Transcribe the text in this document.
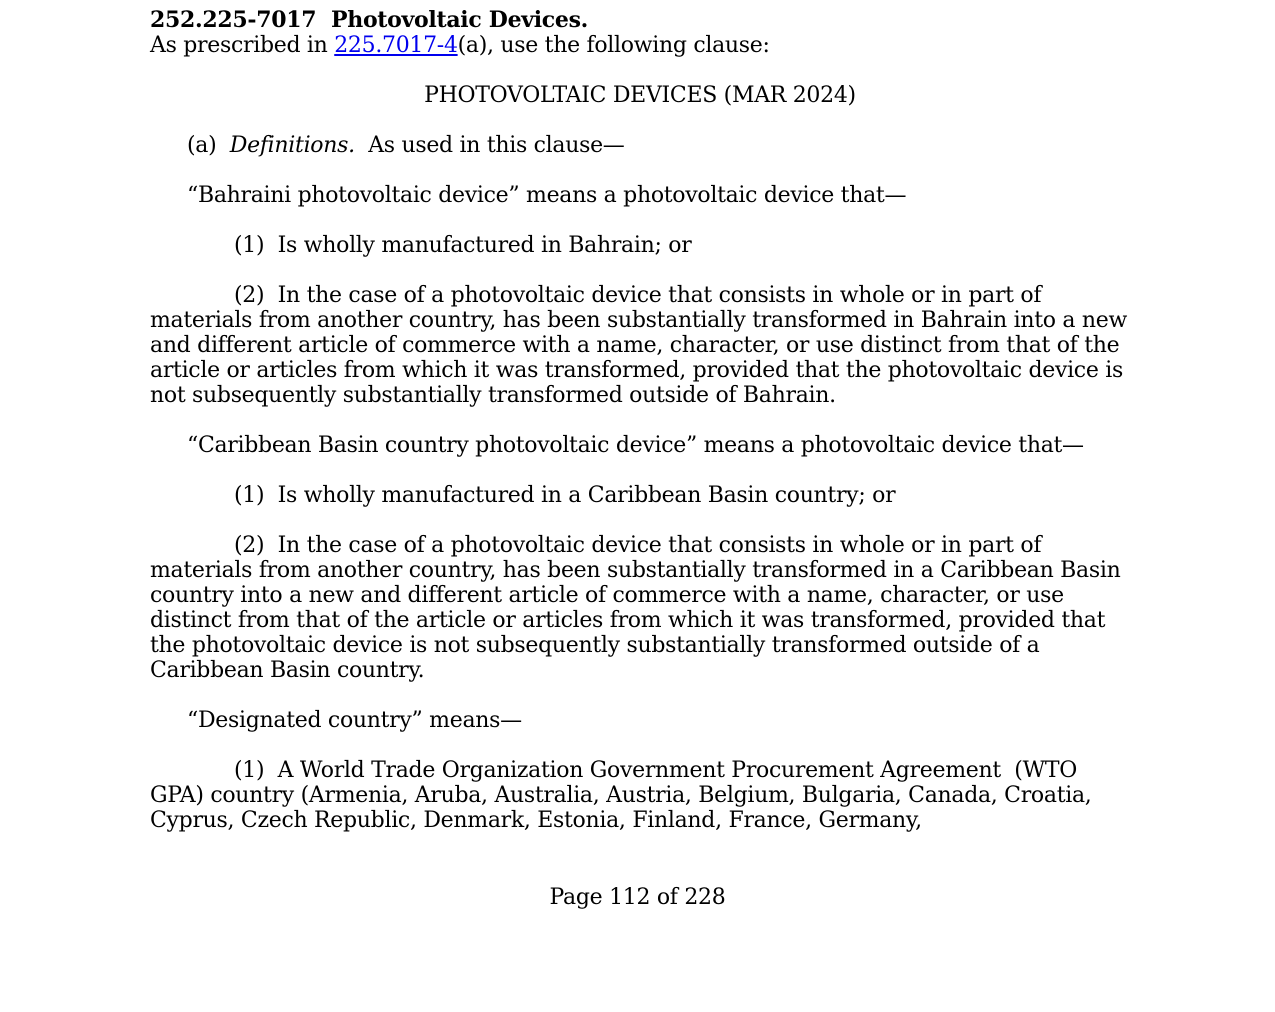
252.225-7017 Photovoltaic Devices.

As prescribed in 225.7017-4(a), use the following clause:

PHOTOVOLTAIC DEVICES (MAR 2024)

(a) Definitions. As used in this clause—

“Bahraini photovoltaic device” means a photovoltaic device that—

(1)  Is wholly manufactured in Bahrain; or

(2)  In the case of a photovoltaic device that consists in whole or in part of materials from another country, has been substantially transformed in Bahrain into a new and different article of commerce with a name, character, or use distinct from that of the article or articles from which it was transformed, provided that the photovoltaic device is not subsequently substantially transformed outside of Bahrain.

“Caribbean Basin country photovoltaic device” means a photovoltaic device that—

(1)  Is wholly manufactured in a Caribbean Basin country; or

(2)  In the case of a photovoltaic device that consists in whole or in part of materials from another country, has been substantially transformed in a Caribbean Basin country into a new and different article of commerce with a name, character, or use distinct from that of the article or articles from which it was transformed, provided that the photovoltaic device is not subsequently substantially transformed outside of a Caribbean Basin country.

“Designated country” means—

(1)  A World Trade Organization Government Procurement Agreement  (WTO GPA) country (Armenia, Aruba, Australia, Austria, Belgium, Bulgaria, Canada, Croatia, Cyprus, Czech Republic, Denmark, Estonia, Finland, France, Germany,

Page 112 of 228
